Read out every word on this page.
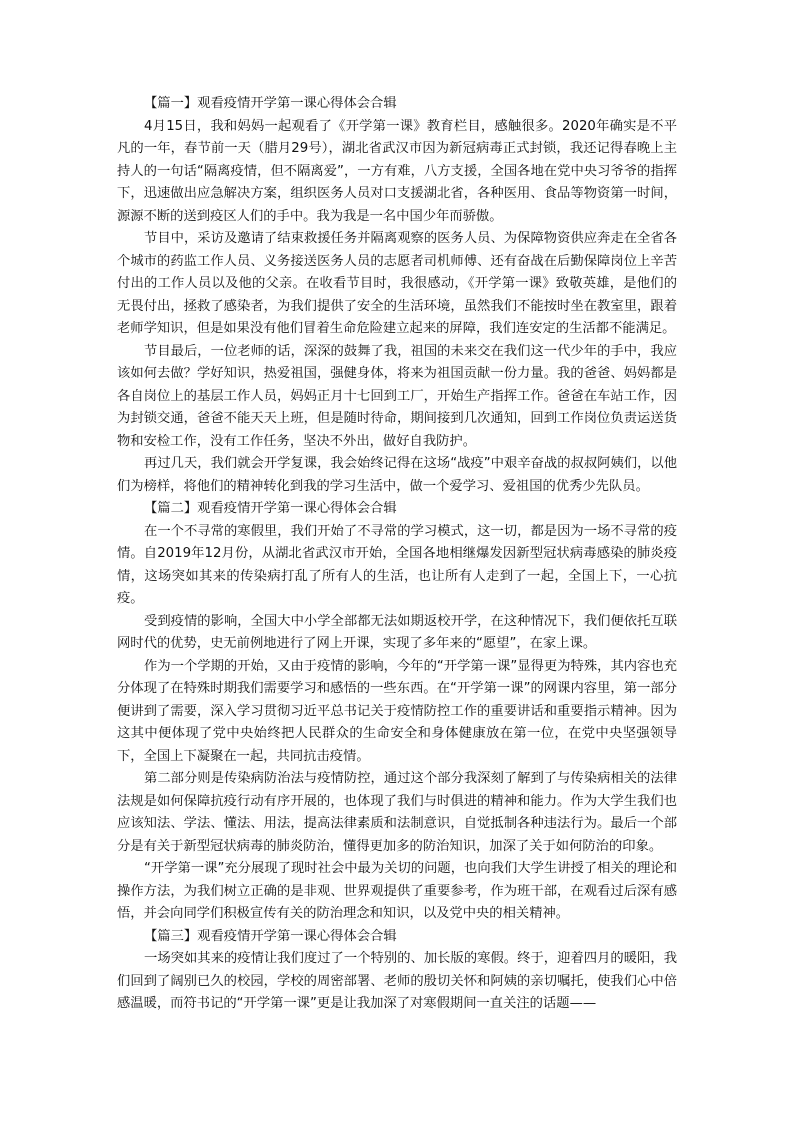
【篇一】观看疫情开学第一课心得体会合辑

4月15日，我和妈妈一起观看了《开学第一课》教育栏目，感触很多。2020年确实是不平凡的一年，春节前一天（腊月29号），湖北省武汉市因为新冠病毒正式封锁，我还记得春晚上主持人的一句话“隔离疫情，但不隔离爱”，一方有难，八方支援，全国各地在党中央习爷爷的指挥下，迅速做出应急解决方案，组织医务人员对口支援湖北省，各种医用、食品等物资第一时间，源源不断的送到疫区人们的手中。我为我是一名中国少年而骄傲。

节目中，采访及邀请了结束救援任务并隔离观察的医务人员、为保障物资供应奔走在全省各个城市的药监工作人员、义务接送医务人员的志愿者司机师傅、还有奋战在后勤保障岗位上辛苦付出的工作人员以及他的父亲。在收看节目时，我很感动，《开学第一课》致敬英雄，是他们的无畏付出，拯救了感染者，为我们提供了安全的生活环境，虽然我们不能按时坐在教室里，跟着老师学知识，但是如果没有他们冒着生命危险建立起来的屏障，我们连安定的生活都不能满足。

节目最后，一位老师的话，深深的鼓舞了我，祖国的未来交在我们这一代少年的手中，我应该如何去做？学好知识，热爱祖国，强健身体，将来为祖国贡献一份力量。我的爸爸、妈妈都是各自岗位上的基层工作人员，妈妈正月十七回到工厂，开始生产指挥工作。爸爸在车站工作，因为封锁交通，爸爸不能天天上班，但是随时待命，期间接到几次通知，回到工作岗位负责运送货物和安检工作，没有工作任务，坚决不外出，做好自我防护。

再过几天，我们就会开学复课，我会始终记得在这场“战疫”中艰辛奋战的叔叔阿姨们，以他们为榜样，将他们的精神转化到我的学习生活中，做一个爱学习、爱祖国的优秀少先队员。

【篇二】观看疫情开学第一课心得体会合辑

在一个不寻常的寒假里，我们开始了不寻常的学习模式，这一切，都是因为一场不寻常的疫情。自2019年12月份，从湖北省武汉市开始，全国各地相继爆发因新型冠状病毒感染的肺炎疫情，这场突如其来的传染病打乱了所有人的生活，也让所有人走到了一起，全国上下，一心抗疫。

受到疫情的影响，全国大中小学全部都无法如期返校开学，在这种情况下，我们便依托互联网时代的优势，史无前例地进行了网上开课，实现了多年来的“愿望”，在家上课。

作为一个学期的开始，又由于疫情的影响，今年的“开学第一课”显得更为特殊，其内容也充分体现了在特殊时期我们需要学习和感悟的一些东西。在“开学第一课”的网课内容里，第一部分便讲到了需要，深入学习贯彻习近平总书记关于疫情防控工作的重要讲话和重要指示精神。因为这其中便体现了党中央始终把人民群众的生命安全和身体健康放在第一位，在党中央坚强领导下，全国上下凝聚在一起，共同抗击疫情。

第二部分则是传染病防治法与疫情防控，通过这个部分我深刻了解到了与传染病相关的法律法规是如何保障抗疫行动有序开展的，也体现了我们与时俱进的精神和能力。作为大学生我们也应该知法、学法、懂法、用法，提高法律素质和法制意识，自觉抵制各种违法行为。最后一个部分是有关于新型冠状病毒的肺炎防治，懂得更加多的防治知识，加深了关于如何防治的印象。

“开学第一课”充分展现了现时社会中最为关切的问题，也向我们大学生讲授了相关的理论和操作方法，为我们树立正确的是非观、世界观提供了重要参考，作为班干部，在观看过后深有感悟，并会向同学们积极宣传有关的防治理念和知识，以及党中央的相关精神。

【篇三】观看疫情开学第一课心得体会合辑

一场突如其来的疫情让我们度过了一个特别的、加长版的寒假。终于，迎着四月的暖阳，我们回到了阔别已久的校园，学校的周密部署、老师的殷切关怀和阿姨的亲切嘱托，使我们心中倍感温暖，而符书记的“开学第一课”更是让我加深了对寒假期间一直关注的话题——
